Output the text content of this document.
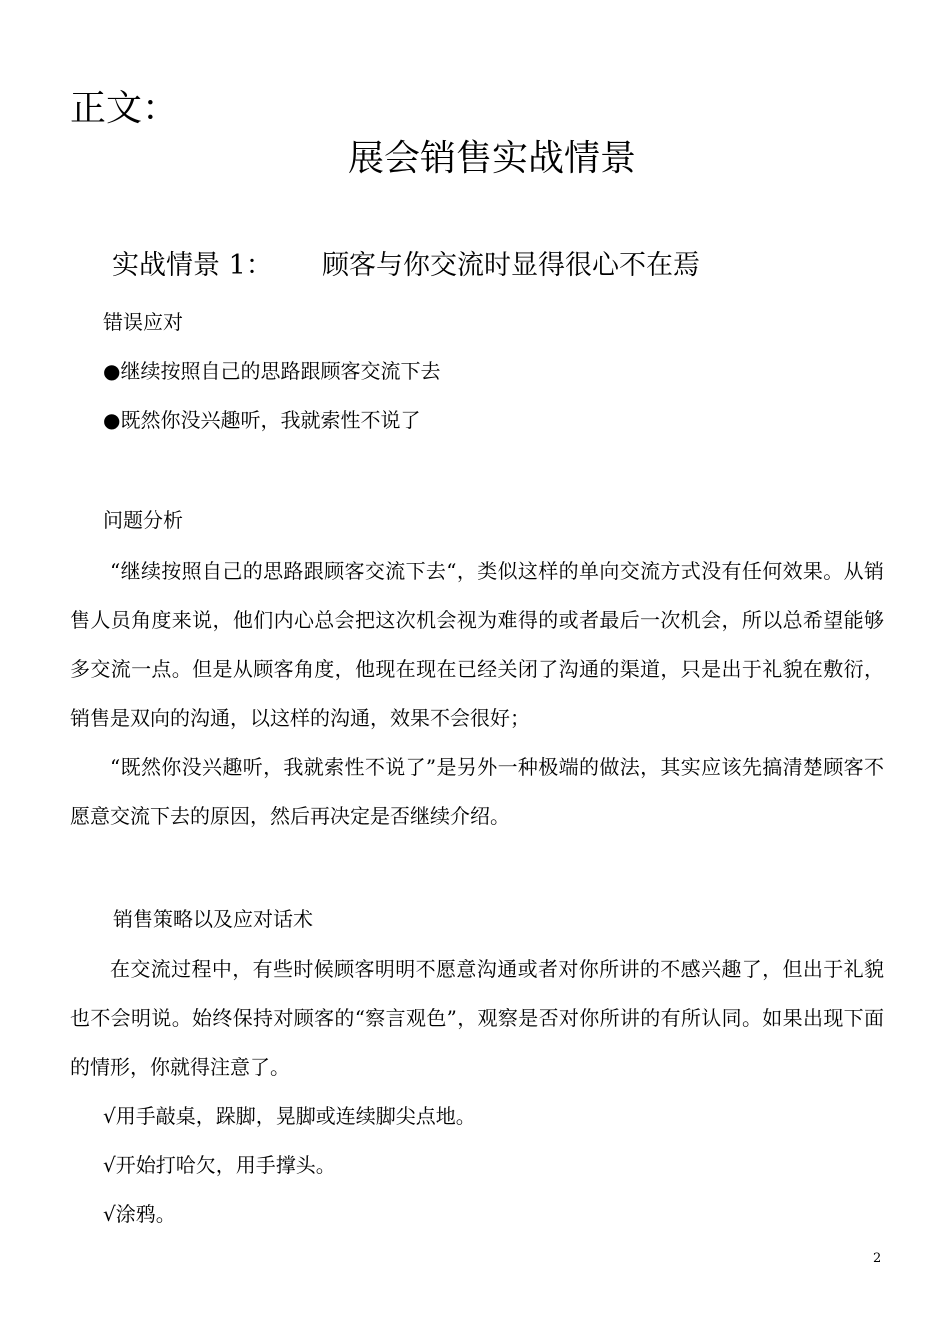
正文：
展会销售实战情景
实战情景 1： 顾客与你交流时显得很心不在焉
错误应对
●继续按照自己的思路跟顾客交流下去
●既然你没兴趣听，我就索性不说了
问题分析
“继续按照自己的思路跟顾客交流下去“，类似这样的单向交流方式没有任何效果。从销售人员角度来说，他们内心总会把这次机会视为难得的或者最后一次机会，所以总希望能够多交流一点。但是从顾客角度，他现在现在已经关闭了沟通的渠道，只是出于礼貌在敷衍，销售是双向的沟通，以这样的沟通，效果不会很好；
“既然你没兴趣听，我就索性不说了”是另外一种极端的做法，其实应该先搞清楚顾客不愿意交流下去的原因，然后再决定是否继续介绍。
销售策略以及应对话术
在交流过程中，有些时候顾客明明不愿意沟通或者对你所讲的不感兴趣了，但出于礼貌也不会明说。始终保持对顾客的“察言观色”，观察是否对你所讲的有所认同。如果出现下面的情形，你就得注意了。
√用手敲桌，跺脚，晃脚或连续脚尖点地。
√开始打哈欠，用手撑头。
√涂鸦。
2
